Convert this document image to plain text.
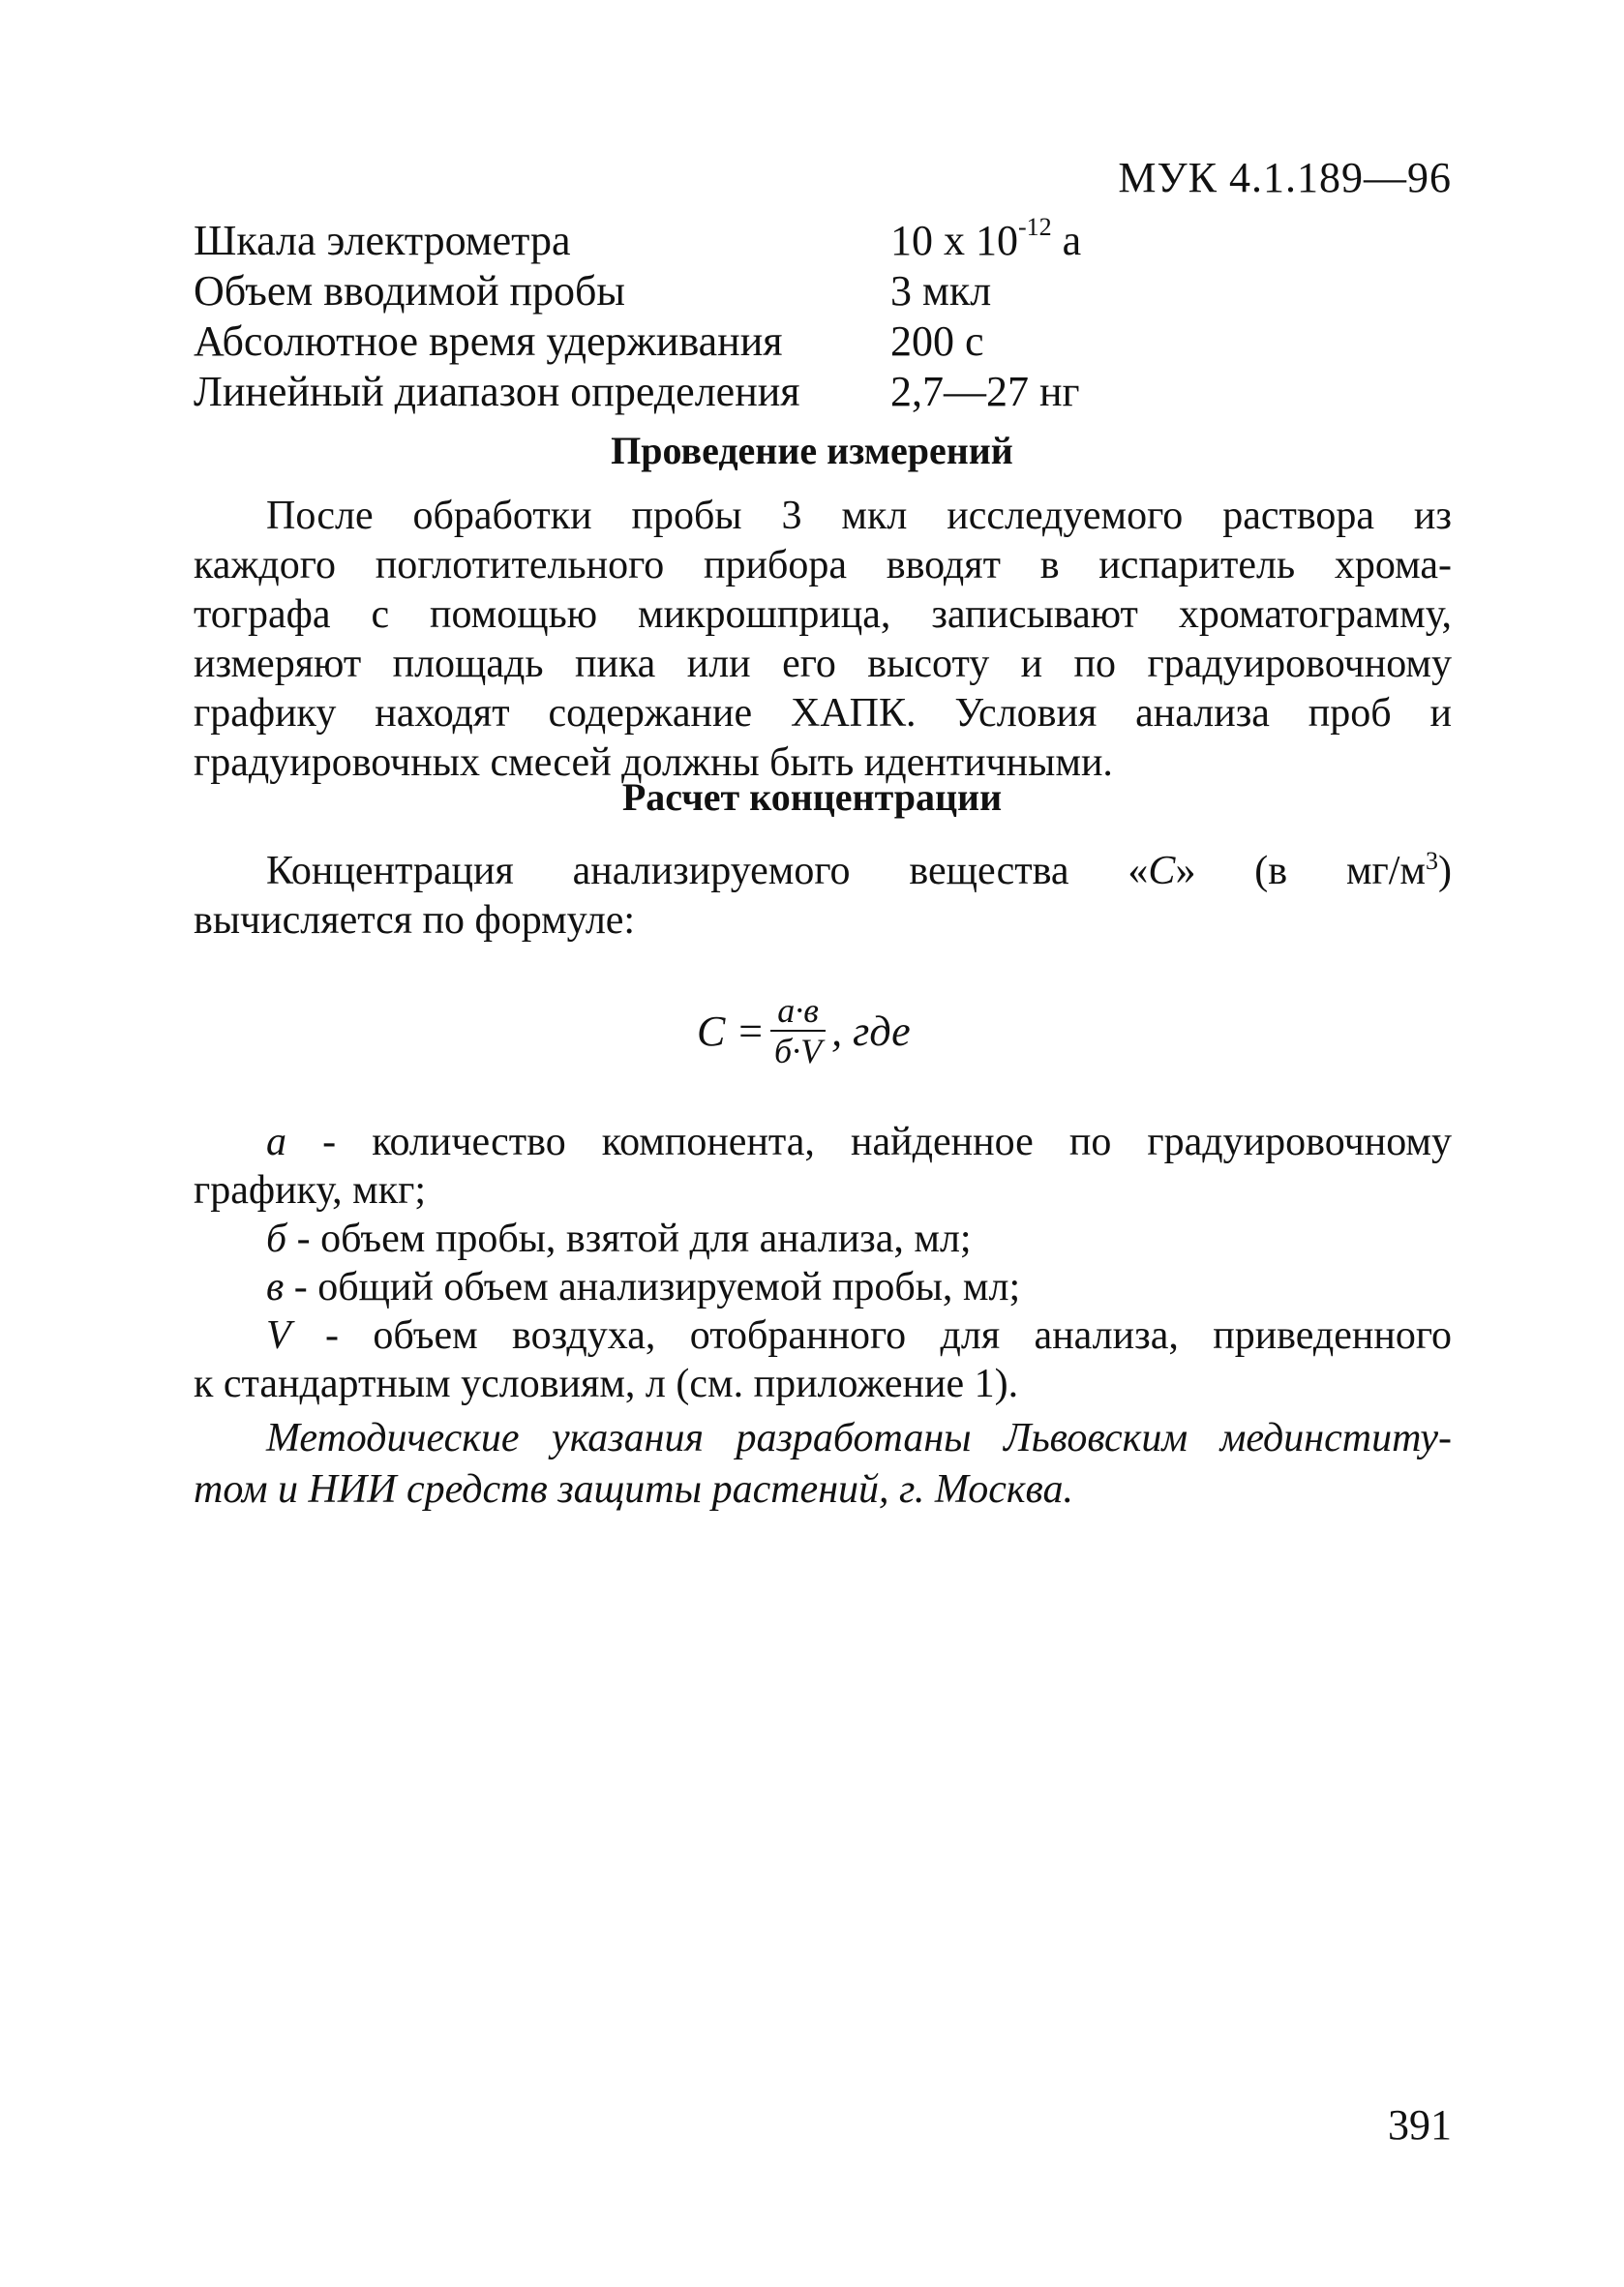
МУК 4.1.189—96
Шкала электрометра	10 x $10^{-12}$ а
Объем вводимой пробы	3 мкл
Абсолютное время удерживания	200 с
Линейный диапазон определения	2,7—27 нг
Проведение измерений
После обработки пробы 3 мкл исследуемого раствора из
каждого поглотительного прибора вводят в испаритель хрома-
тографа с помощью микрошприца, записывают хроматограмму,
измеряют площадь пика или его высоту и по градуировочному
графику находят содержание ХАПК. Условия анализа проб и
градуировочных смесей должны быть идентичными.
Расчет концентрации
Концентрация анализируемого вещества «С» (в $мг/м^3$)
вычисляется по формуле:
$С = \frac{а\cdot в}{б\cdot V}$ , где
а - количество компонента, найденное по градуировочному
графику, мкг;
б - объем пробы, взятой для анализа, мл;
в - общий объем анализируемой пробы, мл;
V - объем воздуха, отобранного для анализа, приведенного
к стандартным условиям, л (см. приложение 1).
Методические указания разработаны Львовским мединститу-
том и НИИ средств защиты растений, г. Москва.
391
